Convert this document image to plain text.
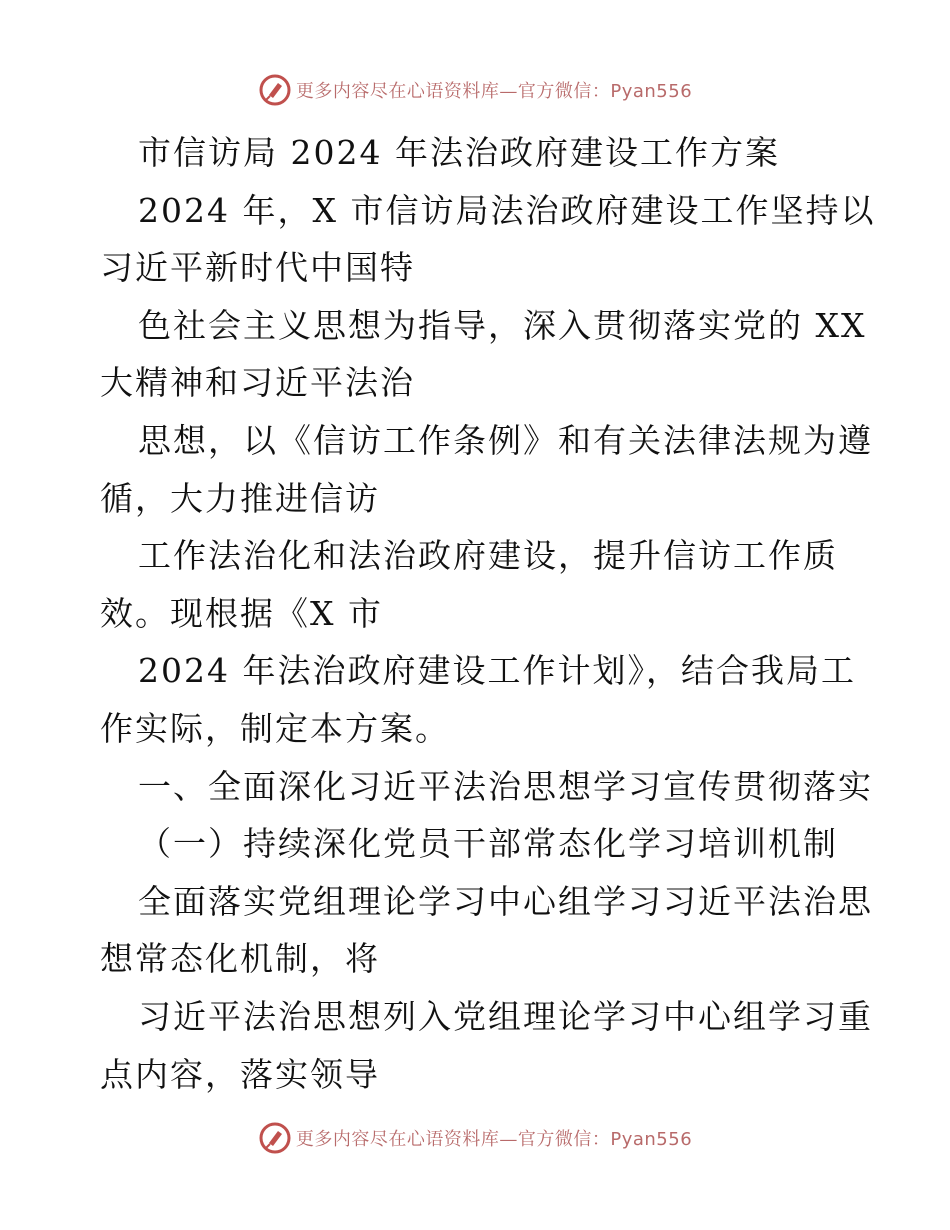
更多内容尽在心语资料库—官方微信：Pyan556
市信访局 2024 年法治政府建设工作方案
2024 年，X 市信访局法治政府建设工作坚持以
习近平新时代中国特
色社会主义思想为指导，深入贯彻落实党的 XX
大精神和习近平法治
思想，以《信访工作条例》和有关法律法规为遵
循，大力推进信访
工作法治化和法治政府建设，提升信访工作质
效。现根据《X 市
2024 年法治政府建设工作计划》，结合我局工
作实际，制定本方案。
一、全面深化习近平法治思想学习宣传贯彻落实
（一）持续深化党员干部常态化学习培训机制
全面落实党组理论学习中心组学习习近平法治思
想常态化机制，将
习近平法治思想列入党组理论学习中心组学习重
点内容，落实领导
更多内容尽在心语资料库—官方微信：Pyan556
